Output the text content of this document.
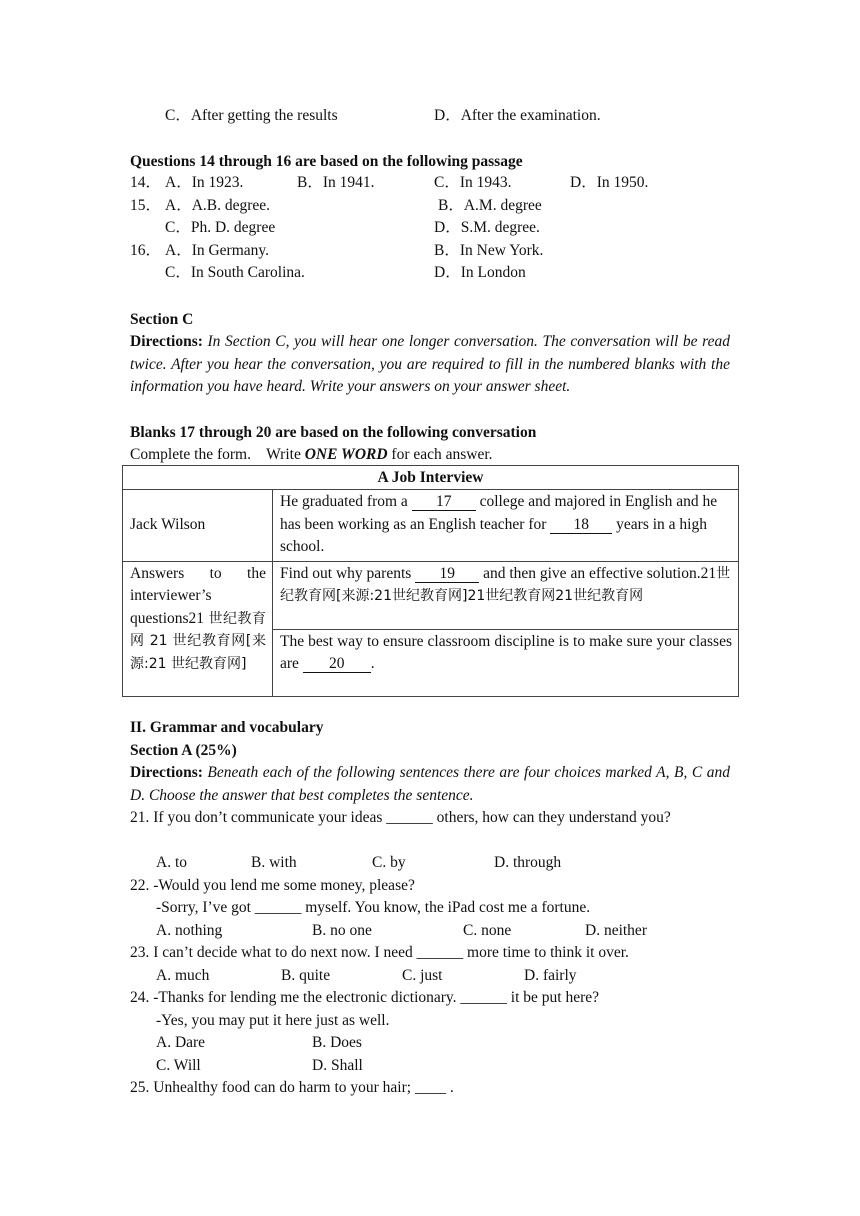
C．After getting the results	D．After the examination.
Questions 14 through 16 are based on the following passage
14． A．In 1923.	B．In 1941.	C．In 1943.	D．In 1950.
15． A．A.B. degree.	B．A.M. degree
C．Ph. D. degree	D．S.M. degree.
16． A．In Germany.	B．In New York.
C．In South Carolina.	D．In London
Section C
Directions: In Section C, you will hear one longer conversation. The conversation will be read twice. After you hear the conversation, you are required to fill in the numbered blanks with the information you have heard. Write your answers on your answer sheet.
Blanks 17 through 20 are based on the following conversation
Complete the form.    Write ONE WORD for each answer.
A Job Interview	
Jack Wilson	He graduated from a 17 college and majored in English and he has been working as an English teacher for 18 years in a high school.
Answers to the interviewer’s questions21 世纪教育网 21 世纪教育网[来源:21 世纪教育网]	Find out why parents 19 and then give an effective solution.21世纪教育网[来源:21世纪教育网]21世纪教育网21世纪教育网
	The best way to ensure classroom discipline is to make sure your classes are 20 .
II. Grammar and vocabulary
Section A (25%)
Directions: Beneath each of the following sentences there are four choices marked A, B, C and D. Choose the answer that best completes the sentence.
21. If you don’t communicate your ideas ______ others, how can they understand you?
A. to	B. with	C. by	D. through
22. -Would you lend me some money, please?
-Sorry, I’ve got ______ myself. You know, the iPad cost me a fortune.
A. nothing	B. no one	C. none	D. neither
23. I can’t decide what to do next now. I need ______ more time to think it over.
A. much	B. quite	C. just	D. fairly
24. -Thanks for lending me the electronic dictionary. ______ it be put here?
-Yes, you may put it here just as well.
A. Dare	B. Does
C. Will	D. Shall
25. Unhealthy food can do harm to your hair; ____ .
